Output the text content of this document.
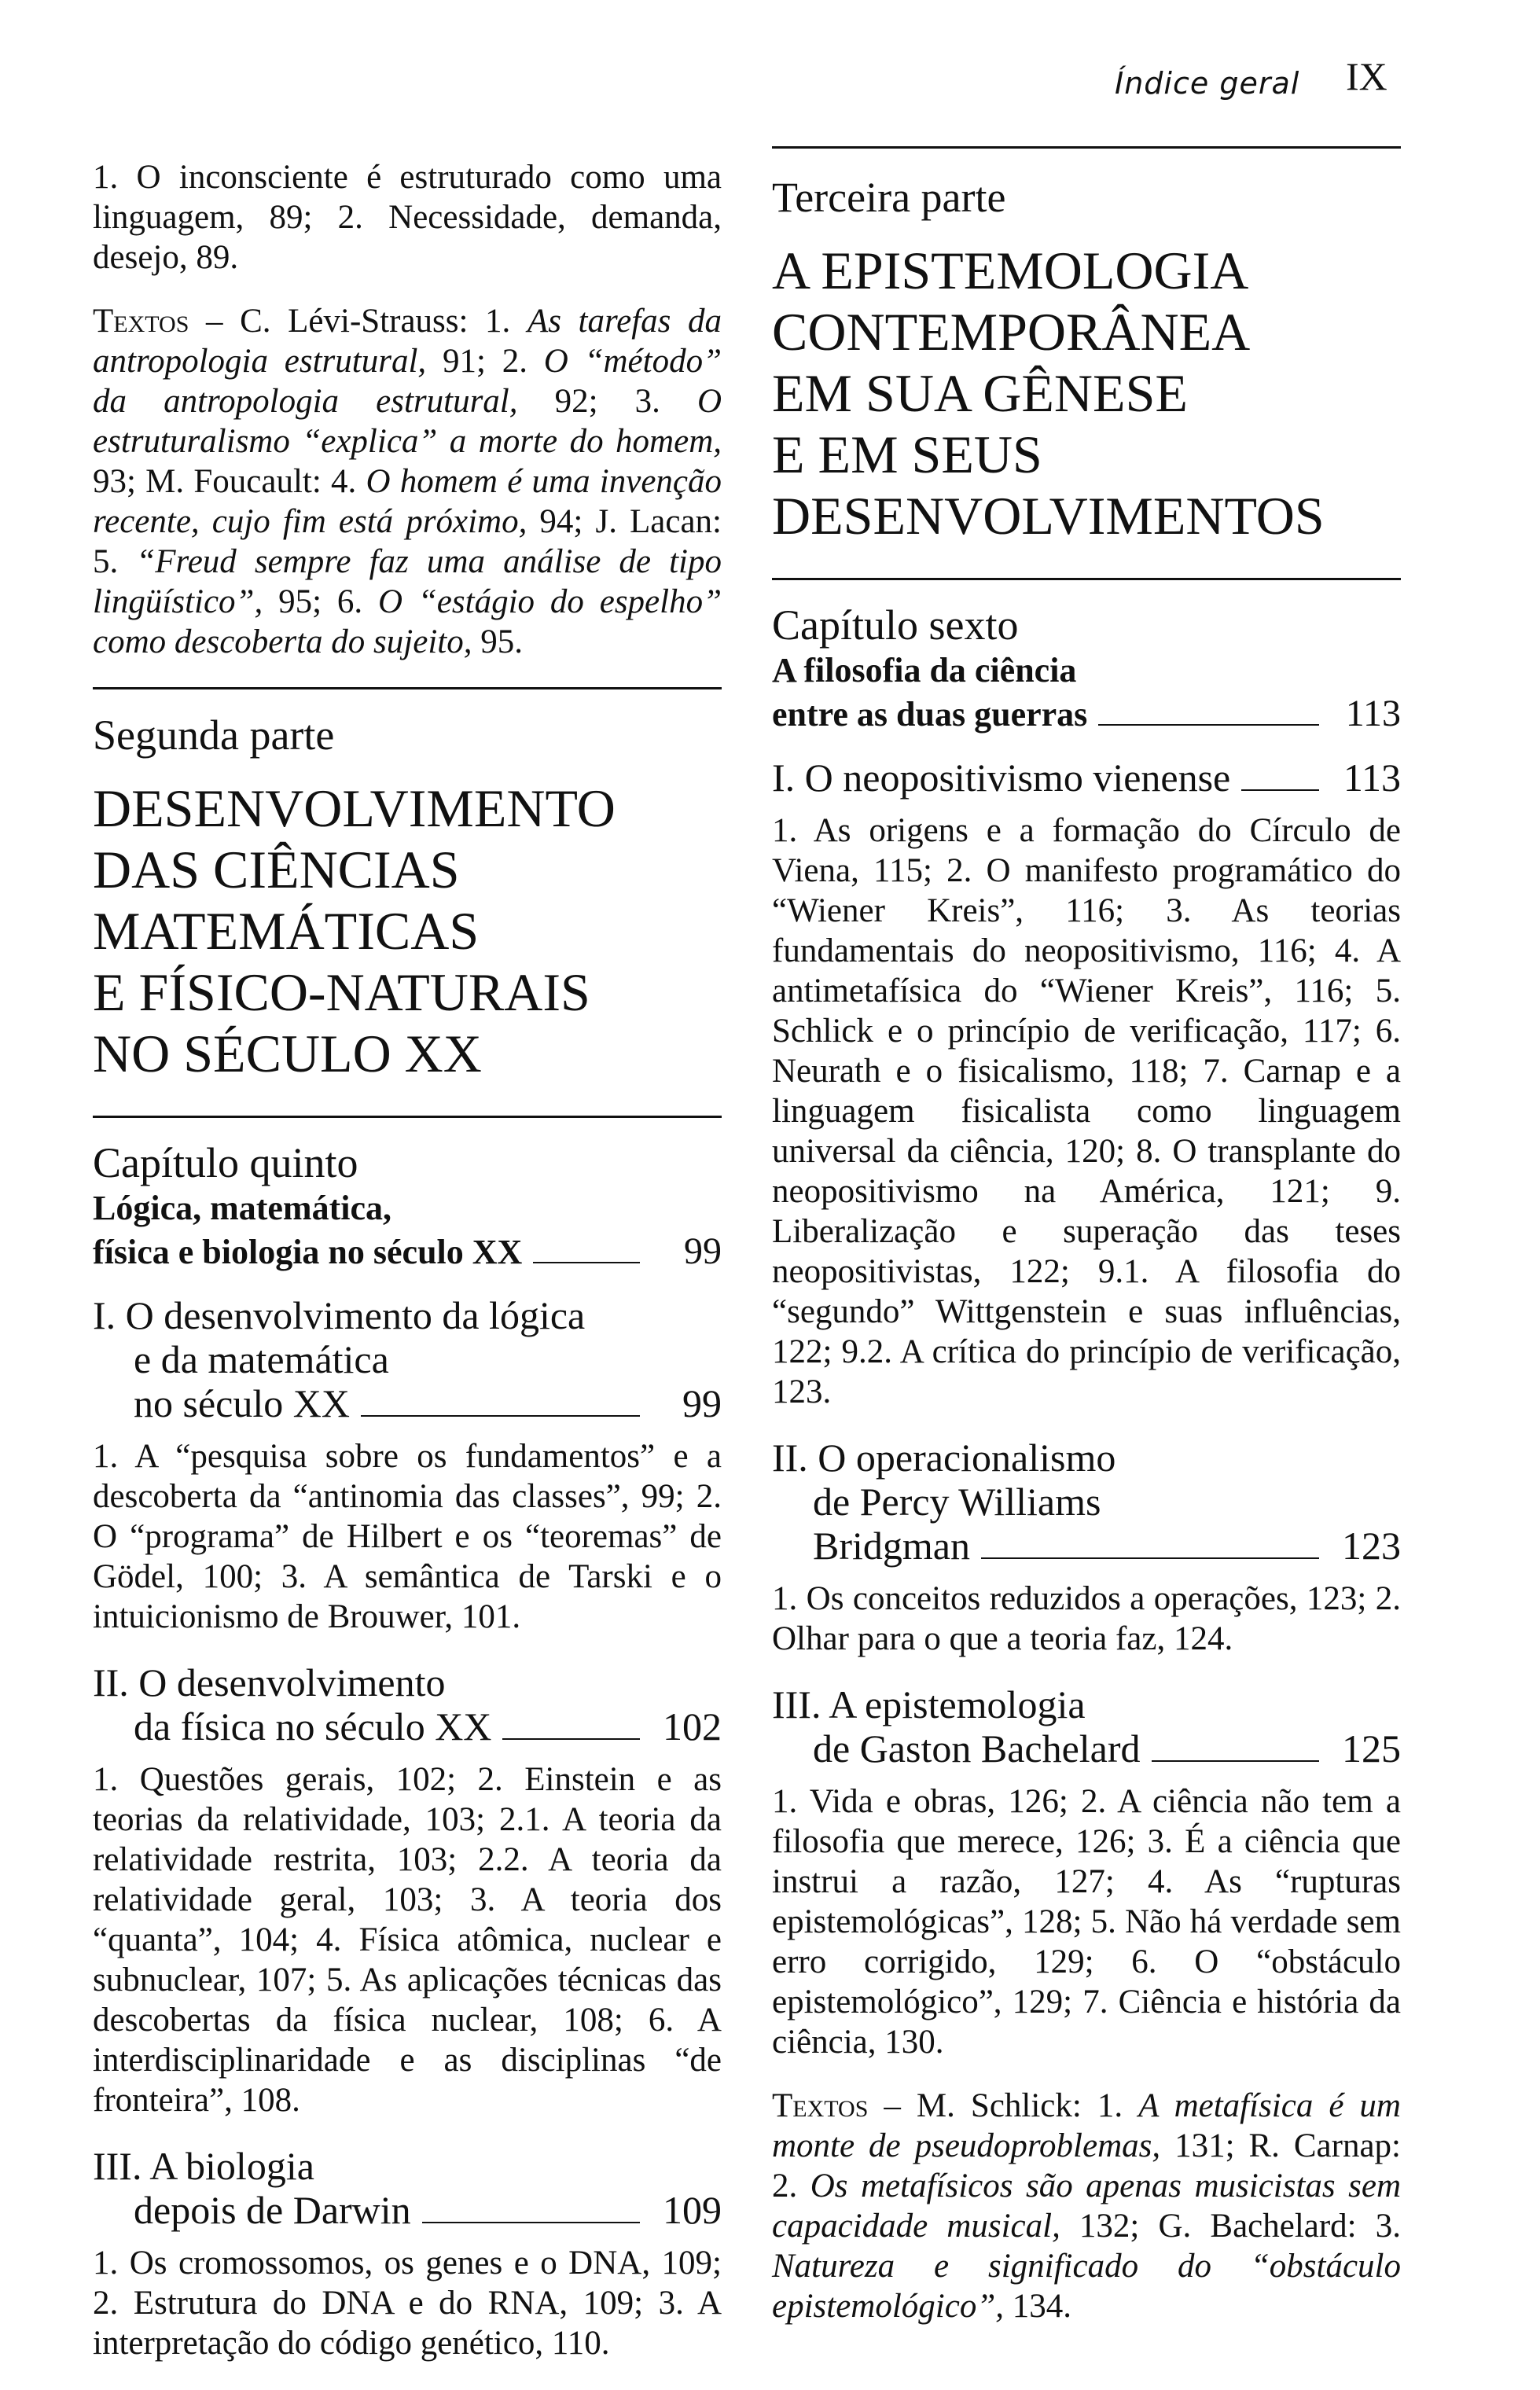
Índice geral IX

1. O inconsciente é estruturado como uma linguagem, 89; 2. Necessidade, demanda, desejo, 89.

Textos – C. Lévi-Strauss: 1. As tarefas da antropologia estrutural, 91; 2. O “método” da antropologia estrutural, 92; 3. O estruturalismo “explica” a morte do homem, 93; M. Foucault: 4. O homem é uma invenção recente, cujo fim está próximo, 94; J. Lacan: 5. “Freud sempre faz uma análise de tipo lingüístico”, 95; 6. O “estágio do espelho” como descoberta do sujeito, 95.

Segunda parte

DESENVOLVIMENTO

DAS CIÊNCIAS

MATEMÁTICAS

E FÍSICO-NATURAIS

NO SÉCULO XX

Capítulo quinto

Lógica, matemática,

física e biologia no século XX	99
I. O desenvolvimento da lógica
e da matemática
no século XX	99

1. A “pesquisa sobre os fundamentos” e a descoberta da “antinomia das classes”, 99; 2. O “programa” de Hilbert e os “teoremas” de Gödel, 100; 3. A semântica de Tarski e o intuicionismo de Brouwer, 101.

II. O desenvolvimento
da física no século XX	102

1. Questões gerais, 102; 2. Einstein e as teorias da relatividade, 103; 2.1. A teoria da relatividade restrita, 103; 2.2. A teoria da relatividade geral, 103; 3. A teoria dos “quanta”, 104; 4. Física atômica, nuclear e subnuclear, 107; 5. As aplicações técnicas das descobertas da física nuclear, 108; 6. A interdisciplinaridade e as disciplinas “de fronteira”, 108.

III. A biologia
depois de Darwin	109

1. Os cromossomos, os genes e o DNA, 109; 2. Estrutura do DNA e do RNA, 109; 3. A interpretação do código genético, 110.

Terceira parte

A EPISTEMOLOGIA

CONTEMPORÂNEA

EM SUA GÊNESE

E EM SEUS

DESENVOLVIMENTOS

Capítulo sexto

A filosofia da ciência

entre as duas guerras	113
I. O neopositivismo vienense	113

1. As origens e a formação do Círculo de Viena, 115; 2. O manifesto programático do “Wiener Kreis”, 116; 3. As teorias fundamentais do neopositivismo, 116; 4. A antimetafísica do “Wiener Kreis”, 116; 5. Schlick e o princípio de verificação, 117; 6. Neurath e o fisicalismo, 118; 7. Carnap e a linguagem fisicalista como linguagem universal da ciência, 120; 8. O transplante do neopositivismo na América, 121; 9. Liberalização e superação das teses neopositivistas, 122; 9.1. A filosofia do “segundo” Wittgenstein e suas influências, 122; 9.2. A crítica do princípio de verificação, 123.

II. O operacionalismo
de Percy Williams
Bridgman	123

1. Os conceitos reduzidos a operações, 123; 2. Olhar para o que a teoria faz, 124.

III. A epistemologia
de Gaston Bachelard	125

1. Vida e obras, 126; 2. A ciência não tem a filosofia que merece, 126; 3. É a ciência que instrui a razão, 127; 4. As “rupturas epistemológicas”, 128; 5. Não há verdade sem erro corrigido, 129; 6. O “obstáculo epistemológico”, 129; 7. Ciência e história da ciência, 130.

Textos – M. Schlick: 1. A metafísica é um monte de pseudoproblemas, 131; R. Carnap: 2. Os metafísicos são apenas musicistas sem capacidade musical, 132; G. Bachelard: 3. Natureza e significado do “obstáculo epistemológico”, 134.
